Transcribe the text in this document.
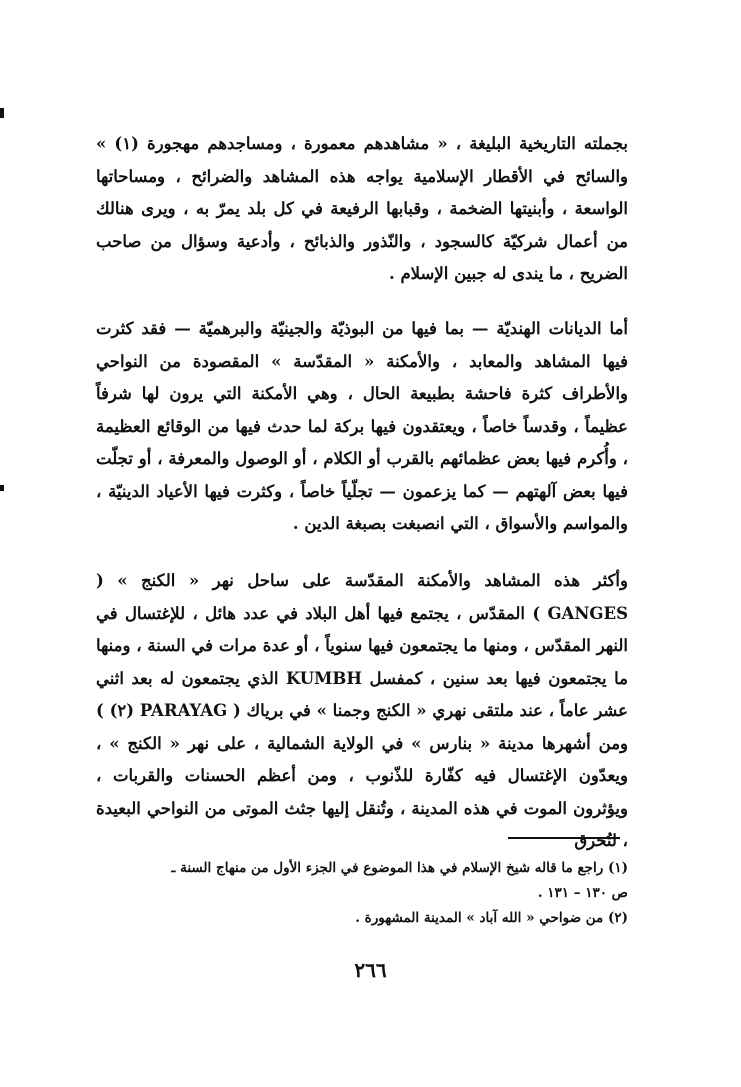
بجملته التاريخية البليغة ، « مشاهدهم معمورة ، ومساجدهم مهجورة (١) » والسائح في الأقطار الإسلامية يواجه هذه المشاهد والضرائح ، ومساحاتها الواسعة ، وأبنيتها الضخمة ، وقبابها الرفيعة في كل بلد يمرّ به ، ويرى هنالك من أعمال شركيّة كالسجود ، والنّذور والذبائح ، وأدعية وسؤال من صاحب الضريح ، ما يندى له جبين الإسلام .

أما الديانات الهنديّة — بما فيها من البوذيّة والجينيّة والبرهميّة — فقد كثرت فيها المشاهد والمعابد ، والأمكنة « المقدّسة » المقصودة من النواحي والأطراف كثرة فاحشة بطبيعة الحال ، وهي الأمكنة التي يرون لها شرفاً عظيماً ، وقدساً خاصاً ، ويعتقدون فيها بركة لما حدث فيها من الوقائع العظيمة ، وأُكرم فيها بعض عظمائهم بالقرب أو الكلام ، أو الوصول والمعرفة ، أو تجلّت فيها بعض آلهتهم — كما يزعمون — تجلّياً خاصاً ، وكثرت فيها الأعياد الدينيّة ، والمواسم والأسواق ، التي انصبغت بصبغة الدين .

وأكثر هذه المشاهد والأمكنة المقدّسة على ساحل نهر « الكنج » ( GANGES ) المقدّس ، يجتمع فيها أهل البلاد في عدد هائل ، للإغتسال في النهر المقدّس ، ومنها ما يجتمعون فيها سنوياً ، أو عدة مرات في السنة ، ومنها ما يجتمعون فيها بعد سنين ، كمفسل KUMBH الذي يجتمعون له بعد اثني عشر عاماً ، عند ملتقى نهري « الكنج وجمنا » في برياك ( PARAYAG (٢) ) ومن أشهرها مدينة « بنارس » في الولاية الشمالية ، على نهر « الكنج » ، ويعدّون الإغتسال فيه كفّارة للذّنوب ، ومن أعظم الحسنات والقربات ، ويؤثرون الموت في هذه المدينة ، وتُنقل إليها جثث الموتى من النواحي البعيدة ، لتُحرق

(١) راجع ما قاله شيخ الإسلام في هذا الموضوع في الجزء الأول من منهاج السنة ـ
ص ١٣٠ – ١٣١ .
(٢) من ضواحي « الله آباد » المدينة المشهورة .
٢٦٦
